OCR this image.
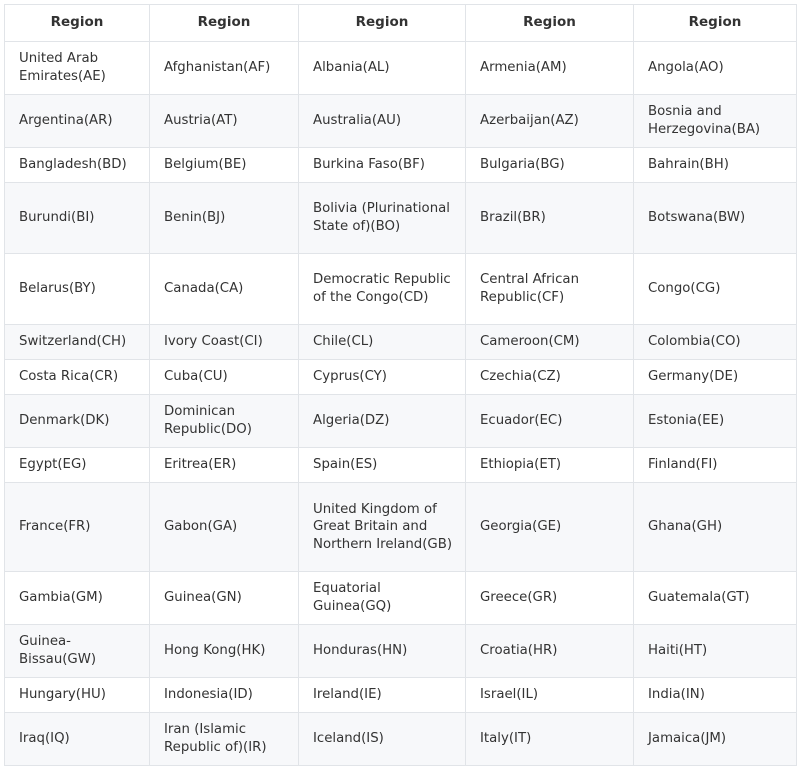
Region	Region	Region	Region	Region
United Arab Emirates(AE)	Afghanistan(AF)	Albania(AL)	Armenia(AM)	Angola(AO)
Argentina(AR)	Austria(AT)	Australia(AU)	Azerbaijan(AZ)	Bosnia and Herzegovina(BA)
Bangladesh(BD)	Belgium(BE)	Burkina Faso(BF)	Bulgaria(BG)	Bahrain(BH)
Burundi(BI)	Benin(BJ)	Bolivia (Plurinational State of)(BO)	Brazil(BR)	Botswana(BW)
Belarus(BY)	Canada(CA)	Democratic Republic of the Congo(CD)	Central African Republic(CF)	Congo(CG)
Switzerland(CH)	Ivory Coast(CI)	Chile(CL)	Cameroon(CM)	Colombia(CO)
Costa Rica(CR)	Cuba(CU)	Cyprus(CY)	Czechia(CZ)	Germany(DE)
Denmark(DK)	Dominican Republic(DO)	Algeria(DZ)	Ecuador(EC)	Estonia(EE)
Egypt(EG)	Eritrea(ER)	Spain(ES)	Ethiopia(ET)	Finland(FI)
France(FR)	Gabon(GA)	United Kingdom of Great Britain and Northern Ireland(GB)	Georgia(GE)	Ghana(GH)
Gambia(GM)	Guinea(GN)	Equatorial Guinea(GQ)	Greece(GR)	Guatemala(GT)
Guinea-Bissau(GW)	Hong Kong(HK)	Honduras(HN)	Croatia(HR)	Haiti(HT)
Hungary(HU)	Indonesia(ID)	Ireland(IE)	Israel(IL)	India(IN)
Iraq(IQ)	Iran (Islamic Republic of)(IR)	Iceland(IS)	Italy(IT)	Jamaica(JM)
